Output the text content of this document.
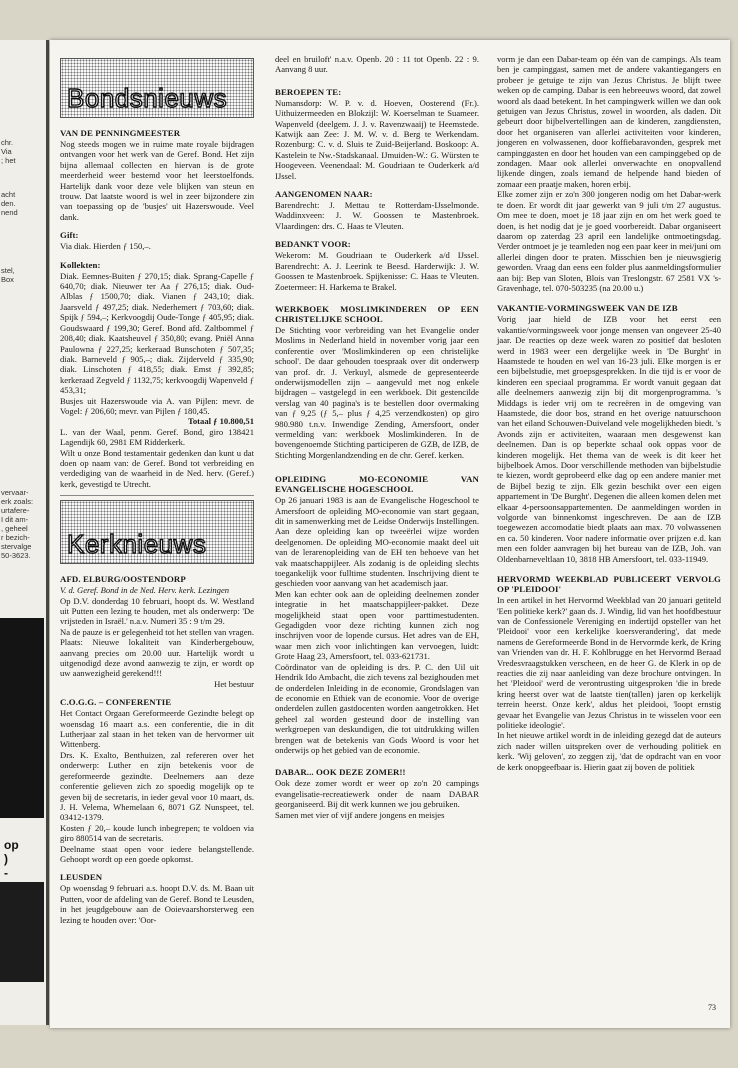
chr.
Via
; het
acht
den.
nend
stel,
Box
vervaar-
erk zoals:
urtafere-
I dit am-
, geheel
r bezich-
stervalge
50-3623.
op
)
-
Bondsnieuws
VAN DE PENNINGMEESTER

Nog steeds mogen we in ruime mate royale bijdragen ontvangen voor het werk van de Geref. Bond. Het zijn bijna allemaal collecten en hiervan is de grote meerderheid weer bestemd voor het leerstoelfonds. Hartelijk dank voor deze vele blijken van steun en trouw. Dat laatste woord is wel in zeer bijzondere zin van toepassing op de 'busjes' uit Hazerswoude. Veel dank.

Gift:

Via diak. Hierden ƒ 150,–.

Kollekten:

Diak. Eemnes-Buiten ƒ 270,15; diak. Sprang-Capelle ƒ 640,70; diak. Nieuwer ter Aa ƒ 276,15; diak. Oud-Alblas ƒ 1500,70; diak. Vianen ƒ 243,10; diak. Jaarsveld ƒ 497,25; diak. Nederhemert ƒ 703,60; diak. Spijk ƒ 594,–; Kerkvoogdij Oude-Tonge ƒ 405,95; diak. Goudswaard ƒ 199,30; Geref. Bond afd. Zaltbommel ƒ 208,40; diak. Kaatsheuvel ƒ 350,80; evang. Pniël Anna Paulowna ƒ 227,25; kerkeraad Bunschoten ƒ 507,35; diak. Barneveld ƒ 905,–; diak. Zijderveld ƒ 335,90; diak. Linschoten ƒ 418,55; diak. Emst ƒ 392,85; kerkeraad Zegveld ƒ 1132,75; kerkvoogdij Wapenveld ƒ 453,31;

Busjes uit Hazerswoude via A. van Pijlen: mevr. de Vogel: ƒ 206,60; mevr. van Pijlen ƒ 180,45.

Totaal ƒ 10.800,51

L. van der Waal, penm. Geref. Bond, giro 138421 Lagendijk 60, 2981 EM Ridderkerk.

Wilt u onze Bond testamentair gedenken dan kunt u dat doen op naam van: de Geref. Bond tot verbreiding en verdediging van de waarheid in de Ned. herv. (Geref.) kerk, gevestigd te Utrecht.

Kerknieuws
AFD. ELBURG/OOSTENDORP

V. d. Geref. Bond in de Ned. Herv. kerk. Lezingen

Op D.V. donderdag 10 februari, hoopt ds. W. Westland uit Putten een lezing te houden, met als onderwerp: 'De vrijsteden in Israël.' n.a.v. Numeri 35 : 9 t/m 29.

Na de pauze is er gelegenheid tot het stellen van vragen. Plaats: Nieuwe lokaliteit van Kinderbergebouw, aanvang precies om 20.00 uur. Hartelijk wordt u uitgenodigd deze avond aanwezig te zijn, er wordt op uw aanwezigheid gerekend!!!

Het bestuur

C.O.G.G. – CONFERENTIE

Het Contact Orgaan Gereformeerde Gezindte belegt op woensdag 16 maart a.s. een conferentie, die in dit Lutherjaar zal staan in het teken van de hervormer uit Wittenberg.

Drs. K. Exalto, Benthuizen, zal refereren over het onderwerp: Luther en zijn betekenis voor de gereformeerde gezindte. Deelnemers aan deze conferentie gelieven zich zo spoedig mogelijk op te geven bij de secretaris, in ieder geval voor 10 maart, ds. J. H. Velema, Whemelaan 6, 8071 GZ Nunspeet, tel. 03412-1379.

Kosten ƒ 20,– koude lunch inbegrepen; te voldoen via giro 880514 van de secretaris.

Deelname staat open voor iedere belangstellende. Gehoopt wordt op een goede opkomst.

LEUSDEN

Op woensdag 9 februari a.s. hoopt D.V. ds. M. Baan uit Putten, voor de afdeling van de Geref. Bond te Leusden, in het jeugdgebouw aan de Ooievaarshorsterweg een lezing te houden over: 'Oor-

deel en bruiloft' n.a.v. Openb. 20 : 11 tot Openb. 22 : 9. Aanvang 8 uur.

BEROEPEN TE:

Numansdorp: W. P. v. d. Hoeven, Oosterend (Fr.). Uithuizermeeden en Blokzijl: W. Koerselman te Suameer. Wapenveld (deelgem. J. J. v. Ravenzwaaij) te Heemstede. Katwijk aan Zee: J. M. W. v. d. Berg te Werkendam. Rozenburg: C. v. d. Sluis te Zuid-Beijerland. Boskoop: A. Kastelein te Nw.-Stadskanaal. IJmuiden-W.: G. Würsten te Hoogeveen. Veenendaal: M. Goudriaan te Ouderkerk a/d IJssel.

AANGENOMEN NAAR:

Barendrecht: J. Mettau te Rotterdam-IJsselmonde. Waddinxveen: J. W. Goossen te Mastenbroek. Vlaardingen: drs. C. Haas te Vleuten.

BEDANKT VOOR:

Wekerom: M. Goudriaan te Ouderkerk a/d IJssel. Barendrecht: A. J. Leerink te Beesd. Harderwijk: J. W. Goossen te Mastenbroek. Spijkenisse: C. Haas te Vleuten. Zoetermeer: H. Harkema te Brakel.

WERKBOEK MOSLIMKINDEREN OP EEN CHRISTELIJKE SCHOOL

De Stichting voor verbreiding van het Evangelie onder Moslims in Nederland hield in november vorig jaar een conferentie over 'Moslimkinderen op een christelijke school'. De daar gehouden toespraak over dit onderwerp van prof. dr. J. Verkuyl, alsmede de gepresenteerde onderwijsmodellen zijn – aangevuld met nog enkele bijdragen – vastgelegd in een werkboek. Dit gestencilde verslag van 40 pagina's is te bestellen door overmaking van ƒ 9,25 (ƒ 5,– plus ƒ 4,25 verzendkosten) op giro 980.980 t.n.v. Inwendige Zending, Amersfoort, onder vermelding van: werkboek Moslimkinderen. In de bovengenoemde Stichting participeren de GZB, de IZB, de Stichting Morgenlandzending en de chr. Geref. kerken.

OPLEIDING MO-ECONOMIE VAN EVANGELISCHE HOGESCHOOL

Op 26 januari 1983 is aan de Evangelische Hogeschool te Amersfoort de opleiding MO-economie van start gegaan, dit in samenwerking met de Leidse Onderwijs Instellingen. Aan deze opleiding kan op tweeërlei wijze worden deelgenomen. De opleiding MO-economie maakt deel uit van de lerarenopleiding van de EH ten behoeve van het vak maatschappijleer. Als zodanig is de opleiding slechts toegankelijk voor fulltime studenten. Inschrijving dient te geschieden voor aanvang van het academisch jaar.

Men kan echter ook aan de opleiding deelnemen zonder integratie in het maatschappijleer-pakket. Deze mogelijkheid staat open voor parttimestudenten. Gegadigden voor deze richting kunnen zich nog inschrijven voor de lopende cursus. Het adres van de EH, waar men zich voor inlichtingen kan vervoegen, luidt: Grote Haag 23, Amersfoort, tel. 033-621731.

Coördinator van de opleiding is drs. P. C. den Uil uit Hendrik Ido Ambacht, die zich tevens zal bezighouden met de onderdelen Inleiding in de economie, Grondslagen van de economie en Ethiek van de economie. Voor de overige onderdelen zullen gastdocenten worden aangetrokken. Het geheel zal worden gesteund door de instelling van werkgroepen van deskundigen, die tot uitdrukking willen brengen wat de betekenis van Gods Woord is voor het onderwijs op het gebied van de economie.

DABAR... OOK DEZE ZOMER!!

Ook deze zomer wordt er weer op zo'n 20 campings evangelisatie-recreatiewerk onder de naam DABAR georganiseerd. Bij dit werk kunnen we jou gebruiken.

Samen met vier of vijf andere jongens en meisjes

vorm je dan een Dabar-team op één van de campings. Als team ben je campinggast, samen met de andere vakantiegangers en probeer je getuige te zijn van Jezus Christus. Je blijft twee weken op de camping. Dabar is een hebreeuws woord, dat zowel woord als daad betekent. In het campingwerk willen we dan ook getuigen van Jezus Christus, zowel in woorden, als daden. Dit gebeurt door bijbelvertellingen aan de kinderen, zangdiensten, door het organiseren van allerlei activiteiten voor kinderen, jongeren en volwassenen, door koffiebaravonden, gesprek met campinggasten en door het houden van een campinggebed op de zondagen. Maar ook allerlei onverwachte en onopvallend lijkende dingen, zoals iemand de helpende hand bieden of zomaar een praatje maken, horen erbij.

Elke zomer zijn er zo'n 300 jongeren nodig om het Dabar-werk te doen. Er wordt dit jaar gewerkt van 9 juli t/m 27 augustus. Om mee te doen, moet je 18 jaar zijn en om het werk goed te doen, is het nodig dat je je goed voorbereidt. Dabar organiseert daarom op zaterdag 23 april een landelijke ontmoetingsdag. Verder ontmoet je je teamleden nog een paar keer in mei/juni om allerlei dingen door te praten. Misschien ben je nieuwsgierig geworden. Vraag dan eens een folder plus aanmeldingsformulier aan bij: Bep van Sloten, Blois van Treslongstr. 67 2581 VX 's-Gravenhage, tel. 070-503235 (na 20.00 u.)

VAKANTIE-VORMINGSWEEK VAN DE IZB

Vorig jaar hield de IZB voor het eerst een vakantie/vormingsweek voor jonge mensen van ongeveer 25-40 jaar. De reacties op deze week waren zo positief dat besloten werd in 1983 weer een dergelijke week in 'De Burght' in Haamstede te houden en wel van 16-23 juli. Elke morgen is er een bijbelstudie, met groepsgesprekken. In die tijd is er voor de kinderen een speciaal programma. Er wordt vanuit gegaan dat alle deelnemers aanwezig zijn bij dit morgenprogramma. 's Middags is ieder vrij om te recreëren in de omgeving van Haamstede, die door bos, strand en het overige natuurschoon van het eiland Schouwen-Duiveland vele mogelijkheden biedt. 's Avonds zijn er activiteiten, waaraan men desgewenst kan deelnemen. Dan is op beperkte schaal ook oppas voor de kinderen mogelijk. Het thema van de week is dit keer het bijbelboek Amos. Door verschillende methoden van bijbelstudie te kiezen, wordt geprobeerd elke dag op een andere manier met de Bijbel bezig te zijn. Elk gezin beschikt over een eigen appartement in 'De Burght'. Degenen die alleen komen delen met elkaar 4-persoonsappartementen. De aanmeldingen worden in volgorde van binnenkomst ingeschreven. De aan de IZB toegewezen accomodatie biedt plaats aan max. 70 volwassenen en ca. 50 kinderen. Voor nadere informatie over prijzen e.d. kan men een folder aanvragen bij het bureau van de IZB, Joh. van Oldenbarneveltlaan 10, 3818 HB Amersfoort, tel. 033-11949.

HERVORMD WEEKBLAD PUBLICEERT VERVOLG OP 'PLEIDOOI'

In een artikel in het Hervormd Weekblad van 20 januari getiteld 'Een politieke kerk?' gaan ds. J. Windig, lid van het hoofdbestuur van de Confessionele Vereniging en indertijd opsteller van het 'Pleidooi' voor een kerkelijke koersverandering', dat mede namens de Gereformeerde Bond in de Hervormde kerk, de Kring van Vrienden van dr. H. F. Kohlbrugge en het Hervormd Beraad Vredesvraagstukken verscheen, en de heer G. de Klerk in op de reacties die zij naar aanleiding van deze brochure ontvingen. In het 'Pleidooi' werd de verontrusting uitgesproken 'die in brede kring heerst over wat de laatste tien(tallen) jaren op kerkelijk terrein heerst. Onze kerk', aldus het pleidooi, 'loopt ernstig gevaar het Evangelie van Jezus Christus in te wisselen voor een politieke ideologie'.

In het nieuwe artikel wordt in de inleiding gezegd dat de auteurs zich nader willen uitspreken over de verhouding politiek en kerk. 'Wij geloven', zo zeggen zij, 'dat de opdracht van en voor de kerk onopgeefbaar is. Hierin gaat zij boven de politiek

73
